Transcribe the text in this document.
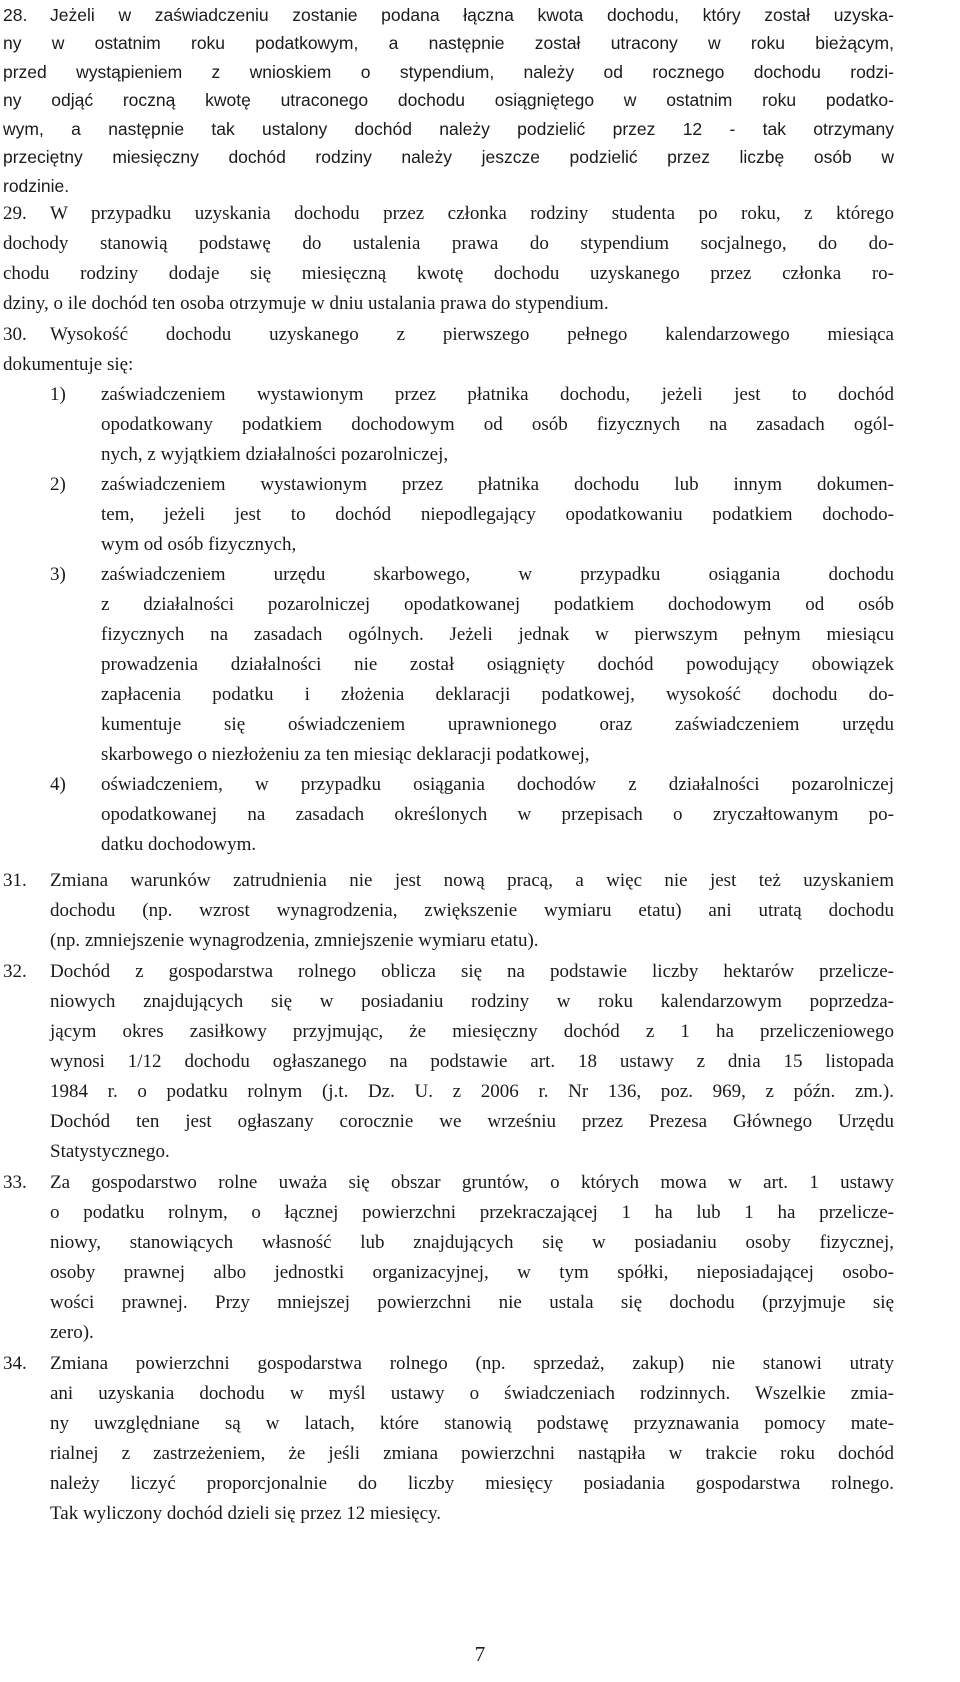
28. Jeżeli w zaświadczeniu zostanie podana łączna kwota dochodu, który został uzyska-
ny w ostatnim roku podatkowym, a następnie został utracony w roku bieżącym,
przed wystąpieniem z wnioskiem o stypendium, należy od rocznego dochodu rodzi-
ny odjąć roczną kwotę utraconego dochodu osiągniętego w ostatnim roku podatko-
wym, a następnie tak ustalony dochód należy podzielić przez 12 - tak otrzymany
przeciętny miesięczny dochód rodziny należy jeszcze podzielić przez liczbę osób w
rodzinie.
29. W przypadku uzyskania dochodu przez członka rodziny studenta po roku, z którego
dochody stanowią podstawę do ustalenia prawa do stypendium socjalnego, do do-
chodu rodziny dodaje się miesięczną kwotę dochodu uzyskanego przez członka ro-
dziny, o ile dochód ten osoba otrzymuje w dniu ustalania prawa do stypendium.
30. Wysokość dochodu uzyskanego z pierwszego pełnego kalendarzowego miesiąca
dokumentuje się:
1) zaświadczeniem wystawionym przez płatnika dochodu, jeżeli jest to dochód
opodatkowany podatkiem dochodowym od osób fizycznych na zasadach ogól-
nych, z wyjątkiem działalności pozarolniczej,
2) zaświadczeniem wystawionym przez płatnika dochodu lub innym dokumen-
tem, jeżeli jest to dochód niepodlegający opodatkowaniu podatkiem dochodo-
wym od osób fizycznych,
3) zaświadczeniem urzędu skarbowego, w przypadku osiągania dochodu
z działalności pozarolniczej opodatkowanej podatkiem dochodowym od osób
fizycznych na zasadach ogólnych. Jeżeli jednak w pierwszym pełnym miesiącu
prowadzenia działalności nie został osiągnięty dochód powodujący obowiązek
zapłacenia podatku i złożenia deklaracji podatkowej, wysokość dochodu do-
kumentuje się oświadczeniem uprawnionego oraz zaświadczeniem urzędu
skarbowego o niezłożeniu za ten miesiąc deklaracji podatkowej,
4) oświadczeniem, w przypadku osiągania dochodów z działalności pozarolniczej
opodatkowanej na zasadach określonych w przepisach o zryczałtowanym po-
datku dochodowym.
31. Zmiana warunków zatrudnienia nie jest nową pracą, a więc nie jest też uzyskaniem
dochodu (np. wzrost wynagrodzenia, zwiększenie wymiaru etatu) ani utratą dochodu
(np. zmniejszenie wynagrodzenia, zmniejszenie wymiaru etatu).
32. Dochód z gospodarstwa rolnego oblicza się na podstawie liczby hektarów przelicze-
niowych znajdujących się w posiadaniu rodziny w roku kalendarzowym poprzedza-
jącym okres zasiłkowy przyjmując, że miesięczny dochód z 1 ha przeliczeniowego
wynosi 1/12 dochodu ogłaszanego na podstawie art. 18 ustawy z dnia 15 listopada
1984 r. o podatku rolnym (j.t. Dz. U. z 2006 r. Nr 136, poz. 969, z późn. zm.).
Dochód ten jest ogłaszany corocznie we wrześniu przez Prezesa Głównego Urzędu
Statystycznego.
33. Za gospodarstwo rolne uważa się obszar gruntów, o których mowa w art. 1 ustawy
o podatku rolnym, o łącznej powierzchni przekraczającej 1 ha lub 1 ha przelicze-
niowy, stanowiących własność lub znajdujących się w posiadaniu osoby fizycznej,
osoby prawnej albo jednostki organizacyjnej, w tym spółki, nieposiadającej osobo-
wości prawnej. Przy mniejszej powierzchni nie ustala się dochodu (przyjmuje się
zero).
34. Zmiana powierzchni gospodarstwa rolnego (np. sprzedaż, zakup) nie stanowi utraty
ani uzyskania dochodu w myśl ustawy o świadczeniach rodzinnych. Wszelkie zmia-
ny uwzględniane są w latach, które stanowią podstawę przyznawania pomocy mate-
rialnej z zastrzeżeniem, że jeśli zmiana powierzchni nastąpiła w trakcie roku dochód
należy liczyć proporcjonalnie do liczby miesięcy posiadania gospodarstwa rolnego.
Tak wyliczony dochód dzieli się przez 12 miesięcy.
7
